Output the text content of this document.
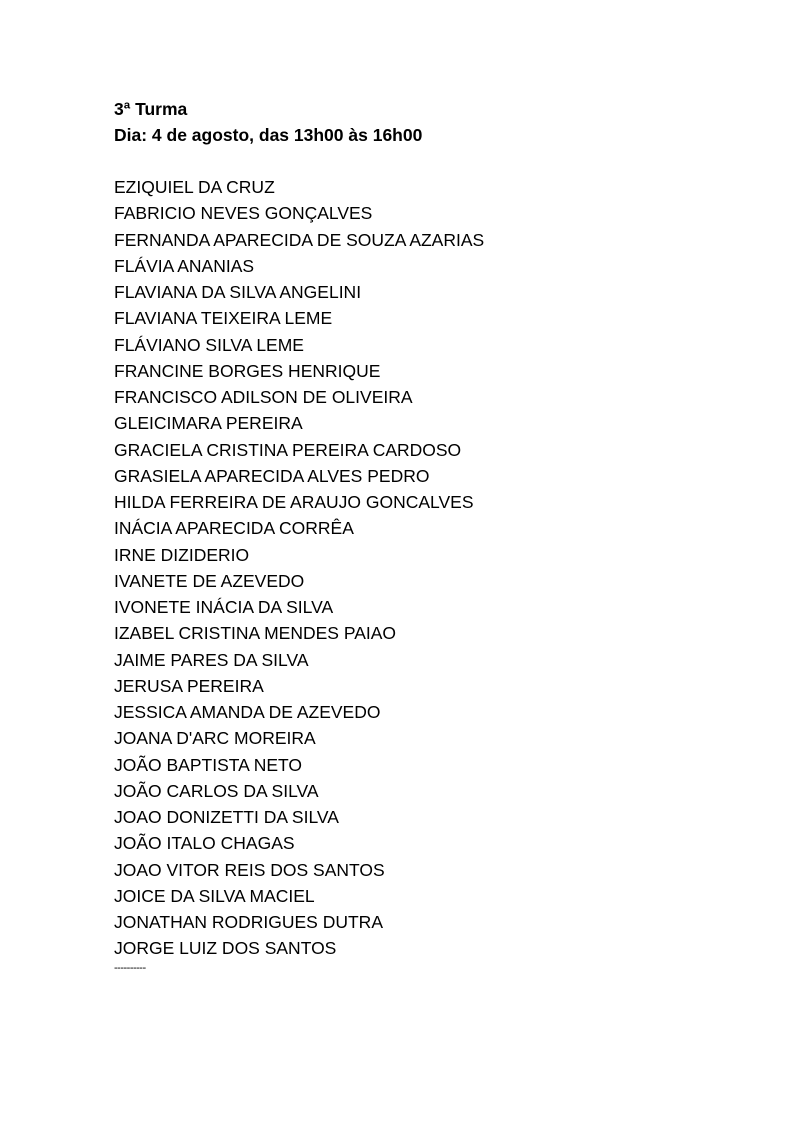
3ª Turma
Dia: 4 de agosto, das 13h00 às 16h00
EZIQUIEL DA CRUZ
FABRICIO NEVES GONÇALVES
FERNANDA APARECIDA DE SOUZA AZARIAS
FLÁVIA ANANIAS
FLAVIANA DA SILVA ANGELINI
FLAVIANA TEIXEIRA LEME
FLÁVIANO SILVA LEME
FRANCINE BORGES HENRIQUE
FRANCISCO ADILSON DE OLIVEIRA
GLEICIMARA PEREIRA
GRACIELA CRISTINA PEREIRA CARDOSO
GRASIELA APARECIDA ALVES PEDRO
HILDA FERREIRA DE ARAUJO GONCALVES
INÁCIA APARECIDA CORRÊA
IRNE DIZIDERIO
IVANETE DE AZEVEDO
IVONETE INÁCIA DA SILVA
IZABEL CRISTINA MENDES PAIAO
JAIME PARES DA SILVA
JERUSA PEREIRA
JESSICA AMANDA DE AZEVEDO
JOANA D'ARC MOREIRA
JOÃO BAPTISTA NETO
JOÃO CARLOS DA SILVA
JOAO DONIZETTI DA SILVA
JOÃO ITALO CHAGAS
JOAO VITOR REIS DOS SANTOS
JOICE DA SILVA MACIEL
JONATHAN RODRIGUES DUTRA
JORGE LUIZ DOS SANTOS
----------
